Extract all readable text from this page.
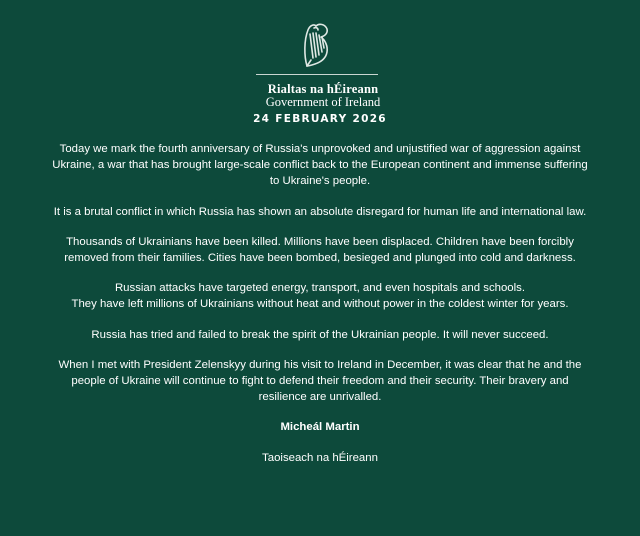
Rialtas na hÉireann
Government of Ireland
24 FEBRUARY 2026

Today we mark the fourth anniversary of Russia's unprovoked and unjustified war of aggression against
Ukraine, a war that has brought large-scale conflict back to the European continent and immense suffering
to Ukraine's people.

It is a brutal conflict in which Russia has shown an absolute disregard for human life and international law.

Thousands of Ukrainians have been killed. Millions have been displaced. Children have been forcibly
removed from their families. Cities have been bombed, besieged and plunged into cold and darkness.

Russian attacks have targeted energy, transport, and even hospitals and schools.
They have left millions of Ukrainians without heat and without power in the coldest winter for years.

Russia has tried and failed to break the spirit of the Ukrainian people. It will never succeed.

When I met with President Zelenskyy during his visit to Ireland in December, it was clear that he and the
people of Ukraine will continue to fight to defend their freedom and their security. Their bravery and
resilience are unrivalled.

Micheál Martin

Taoiseach na hÉireann
